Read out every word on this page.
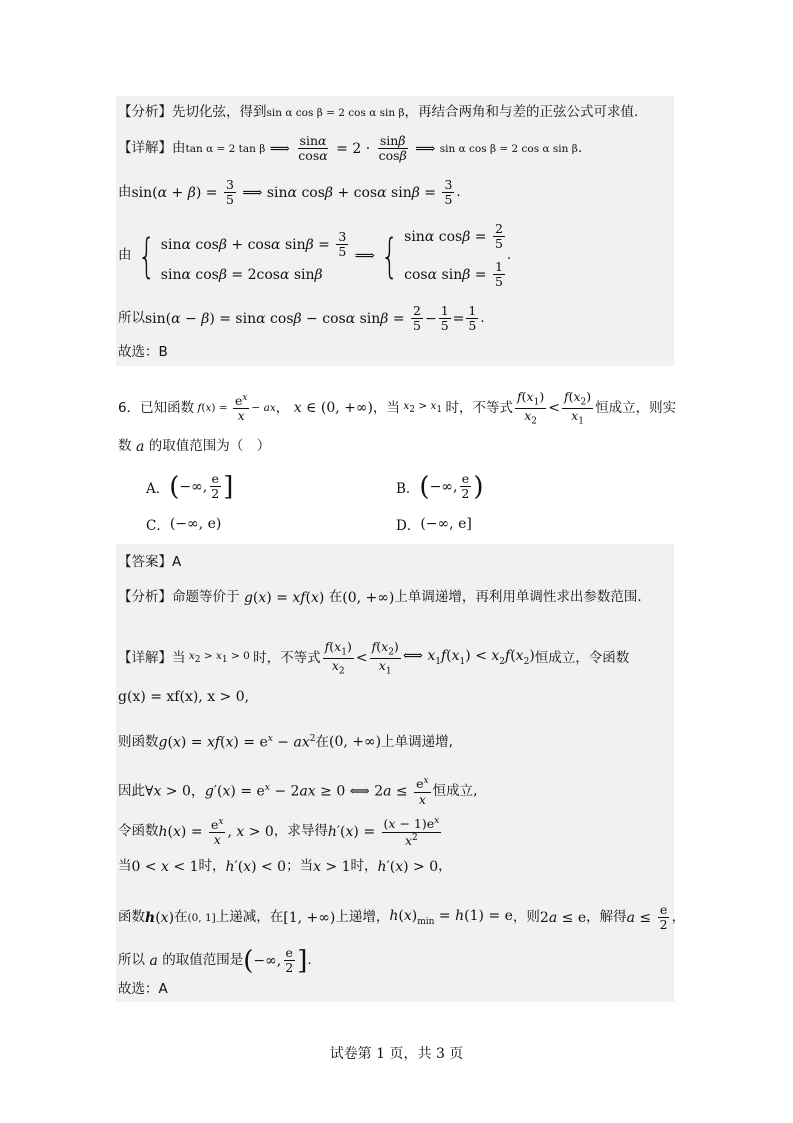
【分析】 先切化弦，得到 sin α cos β = 2 cos α sin β ，再结合两角和与差的正弦公式可求值.
【详解】 由 tan α = 2 tan β ⟹ $\frac{\sin\alpha}{\cos\alpha} = 2 \cdot \frac{\sin\beta}{\cos\beta}$ ⟹ sin α cos β = 2 cos α sin β .
由 $\sin(\alpha + \beta) = \frac{3}{5}$ ⟹ sinα cosβ + cosα $\sin\beta = \frac{3}{5}$ .
由 { sinα cosβ + cosα $\sin\beta = \frac{3}{5}$
sinα cosβ = 2cosα sinβ
⟹ { sinα $\cos\beta = \frac{2}{5}$
cosα $\sin\beta = \frac{1}{5}$
.
所以 sin(α − β) = sinα cosβ − cosα $\sin\beta = \frac{2}{5} - \frac{1}{5} = \frac{1}{5}$ .
故选：B
6． 已知函数 $f(x) = \frac{e^x}{x}$ − ax ， x ∈ (0, +∞) ，当 $x_2 > x_1$ 时，不等式 $\frac{f(x_1)}{x_2} < \frac{f(x_2)}{x_1}$ 恒成立，则实
数 a 的取值范围为（　）
A． (−∞, $\frac{e}{2}$ ]	B． (−∞, $\frac{e}{2}$ )
C． (−∞, e)	D． (−∞, e]
【答案】A
【分析】 命题等价于 g(x) = xf(x) 在 (0, +∞) 上单调递增，再利用单调性求出参数范围.
【详解】 当 $x_2 > x_1 > 0$ 时，不等式 $\frac{f(x_1)}{x_2} < \frac{f(x_2)}{x_1}$ ⟺ $x_1f(x_1) < x_2f(x_2)$ 恒成立，令函数
g(x) = xf(x), x > 0,
则函数 $g(x) = xf(x) = e^x - ax^2$ 在 (0, +∞) 上单调递增,
因此 ∀x > 0，$g'(x) = e^x - 2ax \ge 0$ ⟺ $2a \le \frac{e^x}{x}$ 恒成立,
令函数 $h(x) = \frac{e^x}{x}$ , x > 0 ，求导得 $h'(x) = \frac{(x - 1)e^x}{x^2}$
当 0 < x < 1 时， h′(x) < 0 ；当 x > 1 时， h′(x) > 0 ，
函数 h(x) 在 (0, 1] 上递减，在 [1, +∞) 上递增， $h(x)_{min} = h(1) = e$ ，则 2a ≤ e ，解得 $a \le \frac{e}{2}$ ，
所以 a 的取值范围是 (−∞, $\frac{e}{2}$ ] .
故选：A
试卷第 1 页，共 3 页
